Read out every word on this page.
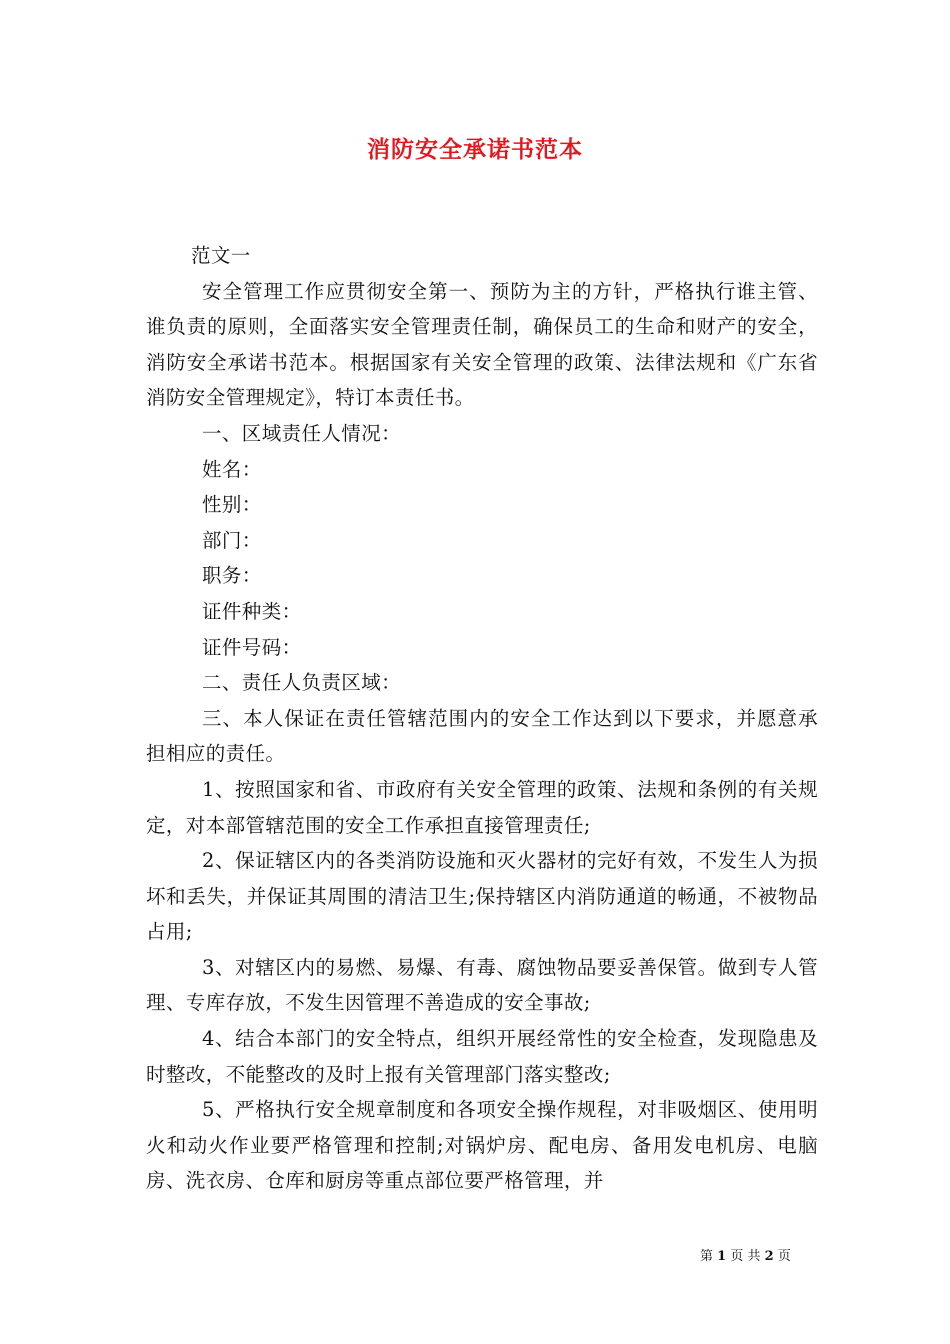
消防安全承诺书范本

范文一

安全管理工作应贯彻安全第一、预防为主的方针，严格执行谁主管、谁负责的原则，全面落实安全管理责任制，确保员工的生命和财产的安全，消防安全承诺书范本。根据国家有关安全管理的政策、法律法规和《广东省消防安全管理规定》，特订本责任书。

一、区域责任人情况：

姓名：

性别：

部门：

职务：

证件种类：

证件号码：

二、责任人负责区域：

三、本人保证在责任管辖范围内的安全工作达到以下要求，并愿意承担相应的责任。

1、按照国家和省、市政府有关安全管理的政策、法规和条例的有关规定，对本部管辖范围的安全工作承担直接管理责任;

2、保证辖区内的各类消防设施和灭火器材的完好有效，不发生人为损坏和丢失，并保证其周围的清洁卫生;保持辖区内消防通道的畅通，不被物品占用;

3、对辖区内的易燃、易爆、有毒、腐蚀物品要妥善保管。做到专人管理、专库存放，不发生因管理不善造成的安全事故;

4、结合本部门的安全特点，组织开展经常性的安全检查，发现隐患及时整改，不能整改的及时上报有关管理部门落实整改;

5、严格执行安全规章制度和各项安全操作规程，对非吸烟区、使用明火和动火作业要严格管理和控制;对锅炉房、配电房、备用发电机房、电脑房、洗衣房、仓库和厨房等重点部位要严格管理，并

第 1 页 共 2 页
